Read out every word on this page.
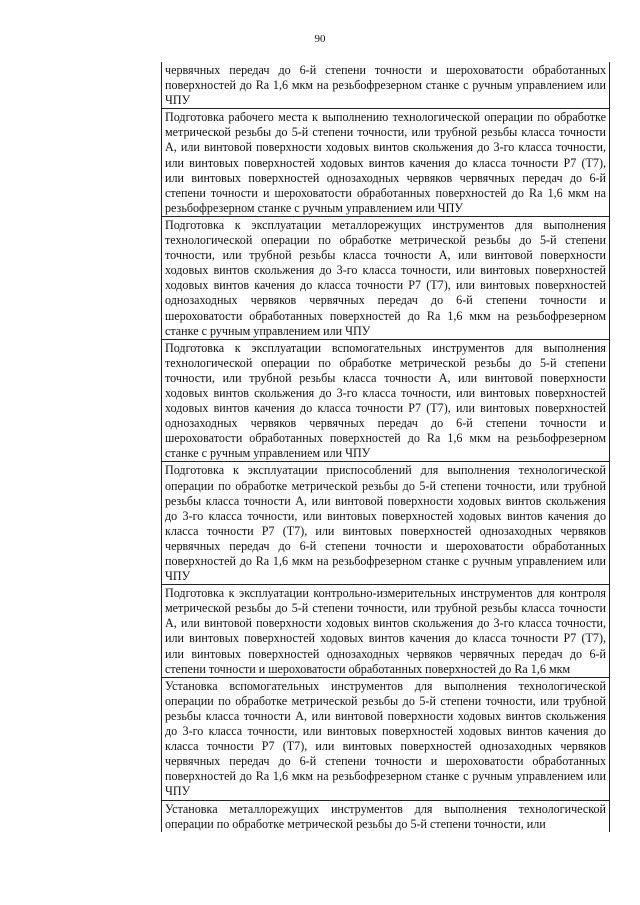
90
червячных передач до 6-й степени точности и шероховатости обработанных поверхностей до Ra 1,6 мкм на резьбофрезерном станке с ручным управлением или ЧПУ
Подготовка рабочего места к выполнению технологической операции по обработке метрической резьбы до 5-й степени точности, или трубной резьбы класса точности А, или винтовой поверхности ходовых винтов скольжения до 3-го класса точности, или винтовых поверхностей ходовых винтов качения до класса точности Р7 (Т7), или винтовых поверхностей однозаходных червяков червячных передач до 6-й степени точности и шероховатости обработанных поверхностей до Ra 1,6 мкм на резьбофрезерном станке с ручным управлением или ЧПУ
Подготовка к эксплуатации металлорежущих инструментов для выполнения технологической операции по обработке метрической резьбы до 5-й степени точности, или трубной резьбы класса точности А, или винтовой поверхности ходовых винтов скольжения до 3-го класса точности, или винтовых поверхностей ходовых винтов качения до класса точности Р7 (Т7), или винтовых поверхностей однозаходных червяков червячных передач до 6-й степени точности и шероховатости обработанных поверхностей до Ra 1,6 мкм на резьбофрезерном станке с ручным управлением или ЧПУ
Подготовка к эксплуатации вспомогательных инструментов для выполнения технологической операции по обработке метрической резьбы до 5-й степени точности, или трубной резьбы класса точности А, или винтовой поверхности ходовых винтов скольжения до 3-го класса точности, или винтовых поверхностей ходовых винтов качения до класса точности Р7 (Т7), или винтовых поверхностей однозаходных червяков червячных передач до 6-й степени точности и шероховатости обработанных поверхностей до Ra 1,6 мкм на резьбофрезерном станке с ручным управлением или ЧПУ
Подготовка к эксплуатации приспособлений для выполнения технологической операции по обработке метрической резьбы до 5-й степени точности, или трубной резьбы класса точности А, или винтовой поверхности ходовых винтов скольжения до 3-го класса точности, или винтовых поверхностей ходовых винтов качения до класса точности Р7 (Т7), или винтовых поверхностей однозаходных червяков червячных передач до 6-й степени точности и шероховатости обработанных поверхностей до Ra 1,6 мкм на резьбофрезерном станке с ручным управлением или ЧПУ
Подготовка к эксплуатации контрольно-измерительных инструментов для контроля метрической резьбы до 5-й степени точности, или трубной резьбы класса точности А, или винтовой поверхности ходовых винтов скольжения до 3-го класса точности, или винтовых поверхностей ходовых винтов качения до класса точности Р7 (Т7), или винтовых поверхностей однозаходных червяков червячных передач до 6-й степени точности и шероховатости обработанных поверхностей до Ra 1,6 мкм
Установка вспомогательных инструментов для выполнения технологической операции по обработке метрической резьбы до 5-й степени точности, или трубной резьбы класса точности А, или винтовой поверхности ходовых винтов скольжения до 3-го класса точности, или винтовых поверхностей ходовых винтов качения до класса точности Р7 (Т7), или винтовых поверхностей однозаходных червяков червячных передач до 6-й степени точности и шероховатости обработанных поверхностей до Ra 1,6 мкм на резьбофрезерном станке с ручным управлением или ЧПУ
Установка металлорежущих инструментов для выполнения технологической операции по обработке метрической резьбы до 5-й степени точности, или
